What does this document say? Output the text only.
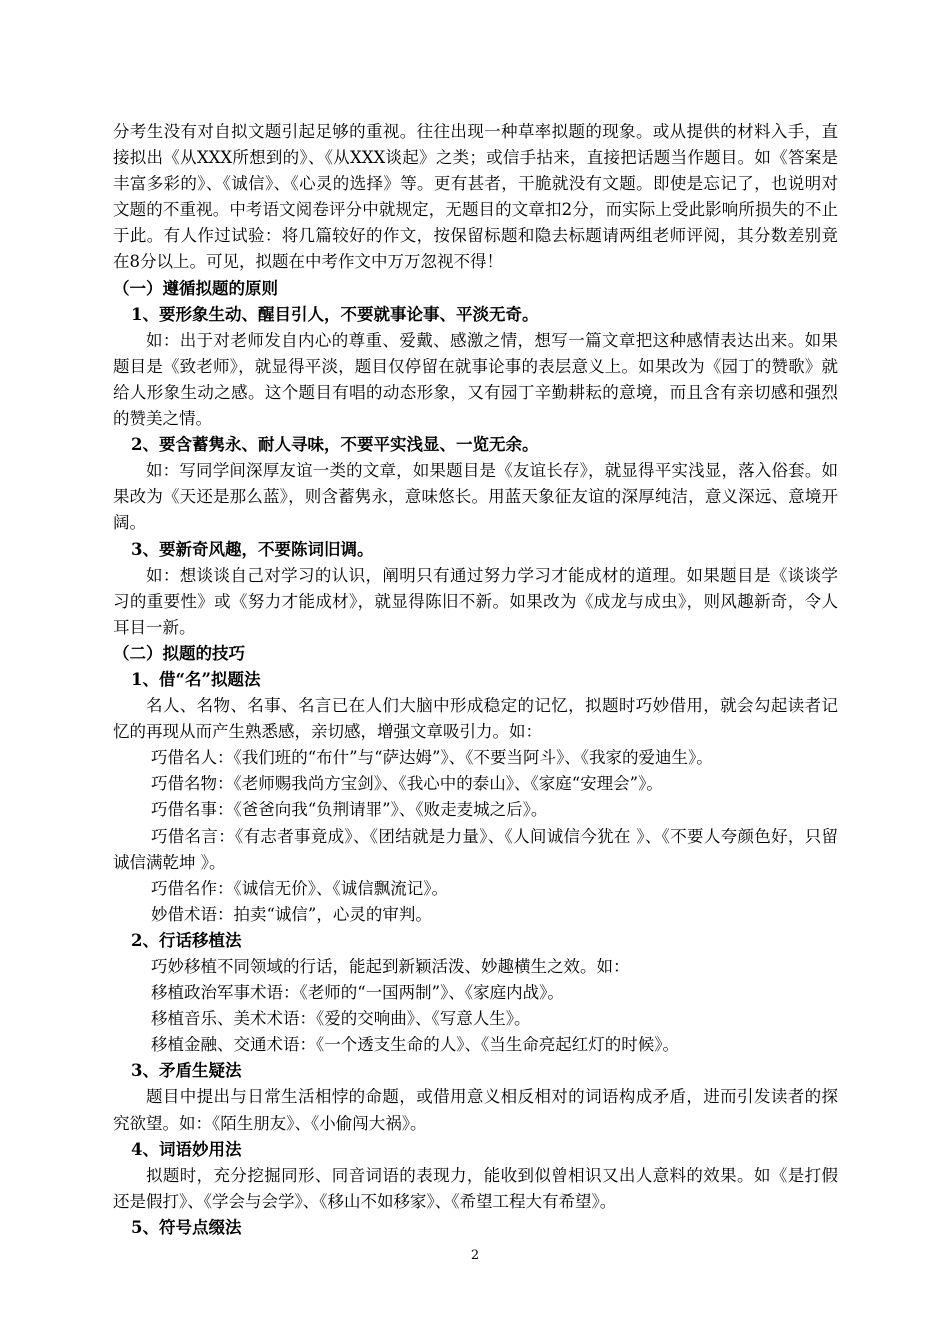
分考生没有对自拟文题引起足够的重视。往往出现一种草率拟题的现象。或从提供的材料入手，直接拟出《从XXX所想到的》、《从XXX谈起》之类；或信手拈来，直接把话题当作题目。如《答案是丰富多彩的》、《诚信》、《心灵的选择》等。更有甚者，干脆就没有文题。即使是忘记了，也说明对文题的不重视。中考语文阅卷评分中就规定，无题目的文章扣2分，而实际上受此影响所损失的不止于此。有人作过试验：将几篇较好的作文，按保留标题和隐去标题请两组老师评阅，其分数差别竟在8分以上。可见，拟题在中考作文中万万忽视不得！

（一）遵循拟题的原则

1、要形象生动、醒目引人，不要就事论事、平淡无奇。

如：出于对老师发自内心的尊重、爱戴、感激之情，想写一篇文章把这种感情表达出来。如果题目是《致老师》，就显得平淡，题目仅停留在就事论事的表层意义上。如果改为《园丁的赞歌》就给人形象生动之感。这个题目有唱的动态形象，又有园丁辛勤耕耘的意境，而且含有亲切感和强烈的赞美之情。

2、要含蓄隽永、耐人寻味，不要平实浅显、一览无余。

如：写同学间深厚友谊一类的文章，如果题目是《友谊长存》，就显得平实浅显，落入俗套。如果改为《天还是那么蓝》，则含蓄隽永，意味悠长。用蓝天象征友谊的深厚纯洁，意义深远、意境开阔。

3、要新奇风趣，不要陈词旧调。

如：想谈谈自己对学习的认识，阐明只有通过努力学习才能成材的道理。如果题目是《谈谈学习的重要性》或《努力才能成材》，就显得陈旧不新。如果改为《成龙与成虫》，则风趣新奇，令人耳目一新。

（二）拟题的技巧

1、借“名”拟题法

名人、名物、名事、名言已在人们大脑中形成稳定的记忆，拟题时巧妙借用，就会勾起读者记忆的再现从而产生熟悉感，亲切感，增强文章吸引力。如：

巧借名人：《我们班的“布什”与“萨达姆”》、《不要当阿斗》、《我家的爱迪生》。

巧借名物：《老师赐我尚方宝剑》、《我心中的泰山》、《家庭“安理会”》。

巧借名事：《爸爸向我“负荆请罪”》、《败走麦城之后》。

巧借名言：《有志者事竟成》、《团结就是力量》、《人间诚信今犹在 》、《不要人夸颜色好，只留诚信满乾坤 》。

巧借名作：《诚信无价》、《诚信飘流记》。

妙借术语：拍卖“诚信”，心灵的审判。

2、行话移植法

巧妙移植不同领域的行话，能起到新颖活泼、妙趣横生之效。如：

移植政治军事术语：《老师的“一国两制”》、《家庭内战》。

移植音乐、美术术语：《爱的交响曲》、《写意人生》。

移植金融、交通术语：《一个透支生命的人》、《当生命亮起红灯的时候》。

3、矛盾生疑法

题目中提出与日常生活相悖的命题，或借用意义相反相对的词语构成矛盾，进而引发读者的探究欲望。如：《陌生朋友》、《小偷闯大祸》。

4、词语妙用法

拟题时，充分挖掘同形、同音词语的表现力，能收到似曾相识又出人意料的效果。如《是打假还是假打》、《学会与会学》、《移山不如移家》、《希望工程大有希望》。

5、符号点缀法

2
